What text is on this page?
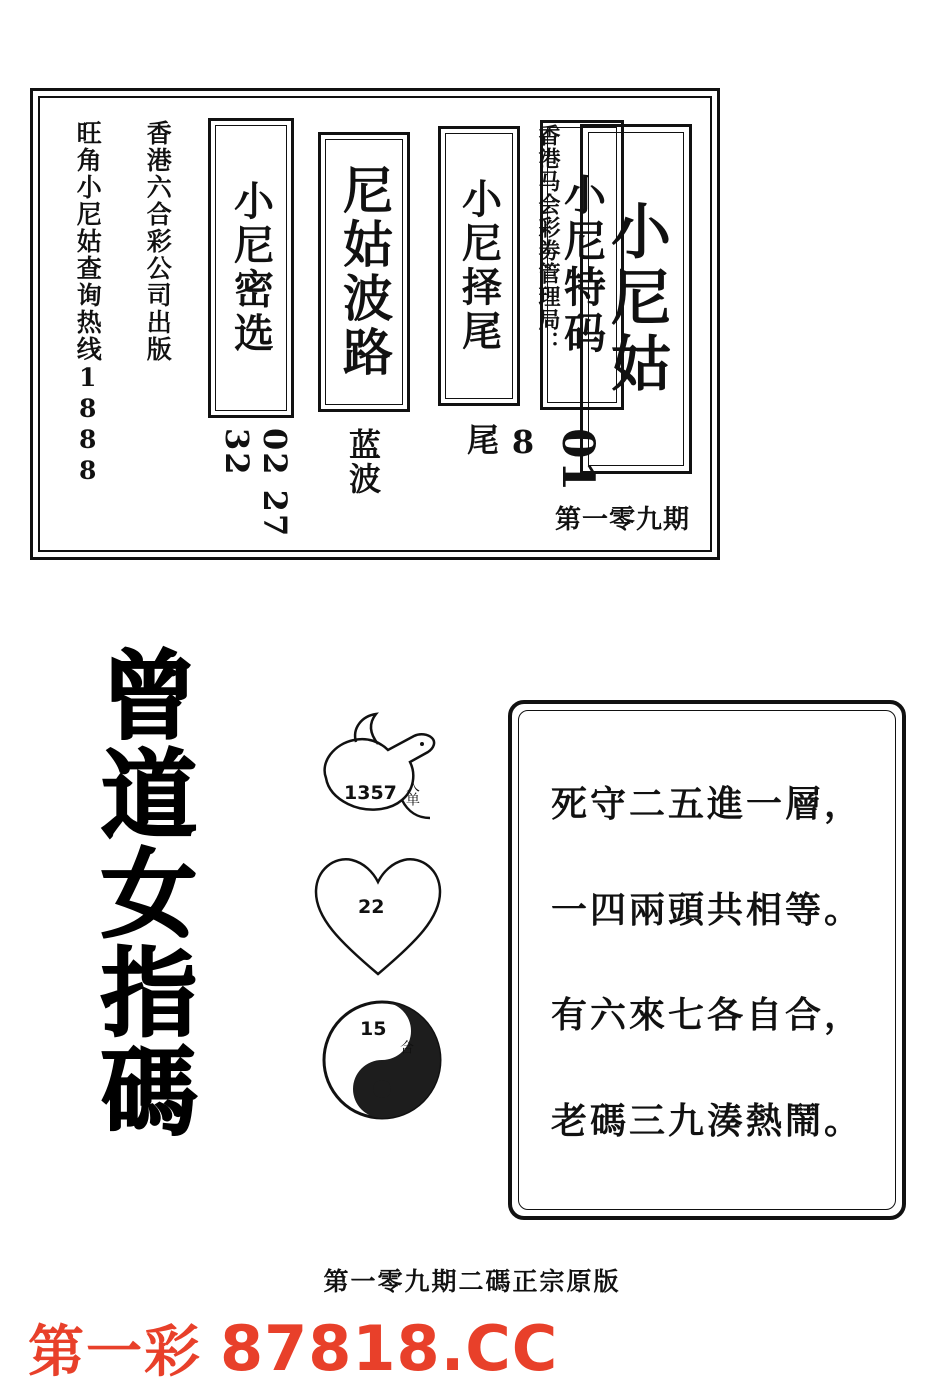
旺角小尼姑查询热线1888 香港六合彩公司出版 小尼密选
02 27 32
尼姑波路
蓝波
小尼择尾
8 尾
小尼特码
01
香港马会彩劵管理局： 小尼姑
第一零九期
曾
道
女
指
碼
1357 人单
22
15
合
死守二五進一層，
一四兩頭共相等。
有六來七各自合，
老碼三九湊熱鬧。
第一零九期二碼正宗原版
第一彩 87818.CC
